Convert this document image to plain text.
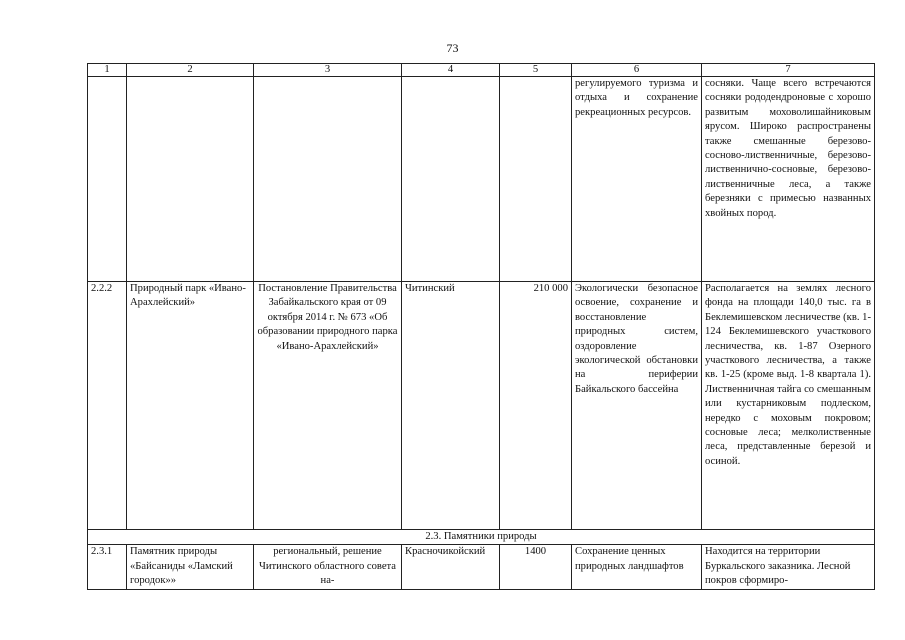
73
1	2	3	4	5	6	7
					регулируемого туризма и отдыха и сохранение рекреационных ресурсов.	сосняки. Чаще всего встречаются сосняки рододендроновые с хорошо развитым моховолишайниковым ярусом. Широко распространены также смешанные березово-сосново-лиственничные, березово-лиственнично-сосновые, березово-лиственничные леса, а также березняки с примесью названных хвойных пород.
2.2.2	Природный парк «Ивано-Арахлейский»	Постановление Правительства Забайкальского края от 09 октября 2014 г. № 673 «Об образовании природного парка «Ивано-Арахлейский»	Читинский	210 000	Экологически безопасное освоение, сохранение и восстановление природных систем, оздоровление экологической обстановки на периферии Байкальского бассейна	Располагается на землях лесного фонда на площади 140,0 тыс. га в Беклемишевском лесничестве (кв. 1-124 Беклемишевского участкового лесничества, кв. 1-87 Озерного участкового лесничества, а также кв. 1-25 (кроме выд. 1-8 квартала 1). Лиственничная тайга со смешанным или кустарниковым подлеском, нередко с моховым покровом; сосновые леса; мелколиственные леса, представленные березой и осиной.
2.3. Памятники природы						
2.3.1	Памятник природы «Байсаниды «Ламский городок»»	региональный, решение Читинского областного совета на-	Красночикойский	1400	Сохранение ценных природных ландшафтов	Находится на территории Буркальского заказника. Лесной покров сформиро-
